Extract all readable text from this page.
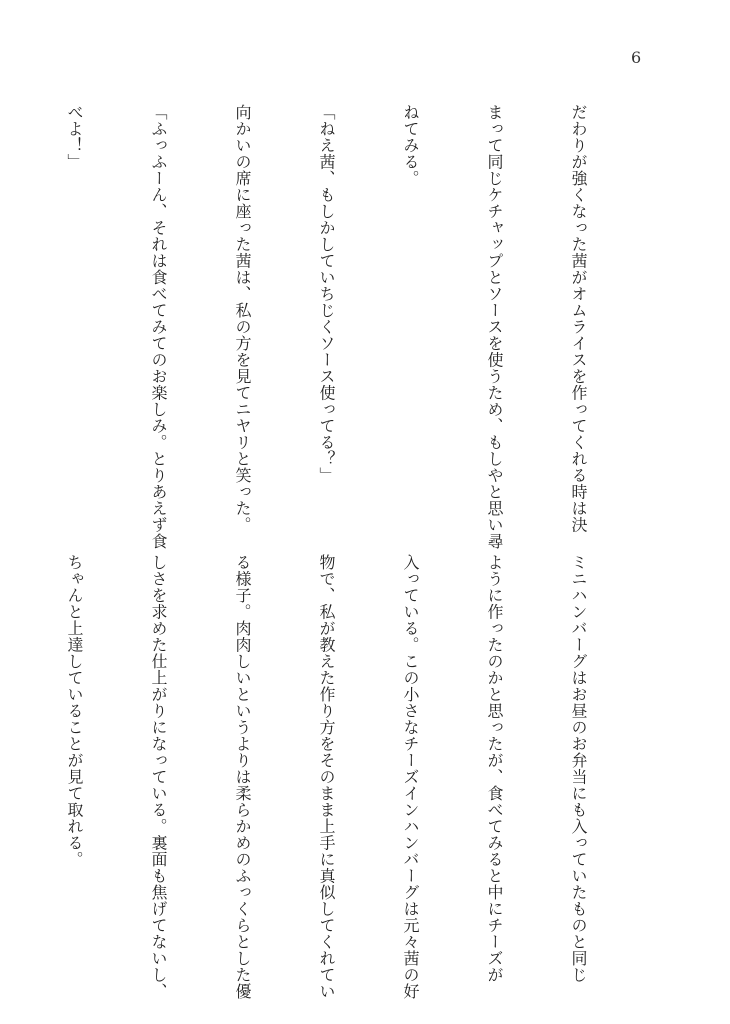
6

だわりが強くなった茜がオムライスを作ってくれる時は決

まって同じケチャップとソースを使うため、もしやと思い尋

ねてみる。

「ねえ茜、もしかしていちじくソース使ってる？」

向かいの席に座った茜は、私の方を見てニヤリと笑った。

「ふっふーん、それは食べてみてのお楽しみ。とりあえず食

べよ！」

ミニハンバーグはお昼のお弁当にも入っていたものと同じ

ように作ったのかと思ったが、食べてみると中にチーズが

入っている。この小さなチーズインハンバーグは元々茜の好

物で、私が教えた作り方をそのまま上手に真似してくれてい

る様子。肉肉しいというよりは柔らかめのふっくらとした優

しさを求めた仕上がりになっている。裏面も焦げてないし、

ちゃんと上達していることが見て取れる。
